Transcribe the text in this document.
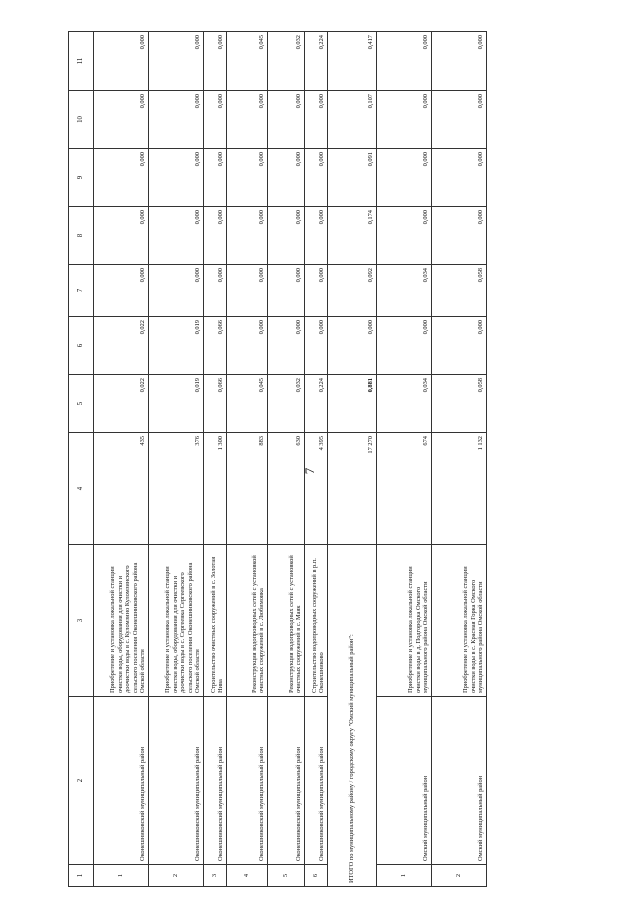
7
1	2	3	4	5	6	7	8	9	10	11
1	Оконешниковский муниципальный район	Приобретение и установка локальной станции очистки воды, оборудования для очистки и доочистки воды в с. Куломзино Куломзинского сельского поселения Оконешниковского района Омской области	435	0,022	0,022	0,000	0,000	0,000	0,000	0,000
2	Оконешниковский муниципальный район	Приобретение и установка локальной станции очистки воды, оборудования для очистки и доочистки воды в с. Сергеевка Сергеевского сельского поселения Оконешниковского района Омской области	376	0,019	0,019	0,000	0,000	0,000	0,000	0,000
3	Оконешниковский муниципальный район	Строительство очистных сооружений в с. Золотая Нива	1 300	0,066	0,066	0,000	0,000	0,000	0,000	0,000
4	Оконешниковский муниципальный район	Реконструкция водопроводных сетей с установкой очистных сооружений в с. Любимовка	883	0,045	0,000	0,000	0,000	0,000	0,000	0,045
5	Оконешниковский муниципальный район	Реконструкция водопроводных сетей с установкой очистных сооружений в с. Маяк	630	0,032	0,000	0,000	0,000	0,000	0,000	0,032
6	Оконешниковский муниципальный район	Строительство водопроводных сооружений в р.п. Оконешниково	4 395	0,224	0,000	0,000	0,000	0,000	0,000	0,224
ИТОГО по муниципальному району / городскому округу "Омский муниципальный район":			17 270	0,881	0,000	0,092	0,174	0,091	0,107	0,417
1	Омский муниципальный район	Приобретение и установка локальной станции очистки воды в д. Подгородка Омского муниципального района Омской области	674	0,034	0,000	0,034	0,000	0,000	0,000	0,000
2	Омский муниципальный район	Приобретение и установка локальной станции очистки воды в с. Красная Горка Омского муниципального района Омской области	1 132	0,058	0,000	0,058	0,000	0,000	0,000	0,000
